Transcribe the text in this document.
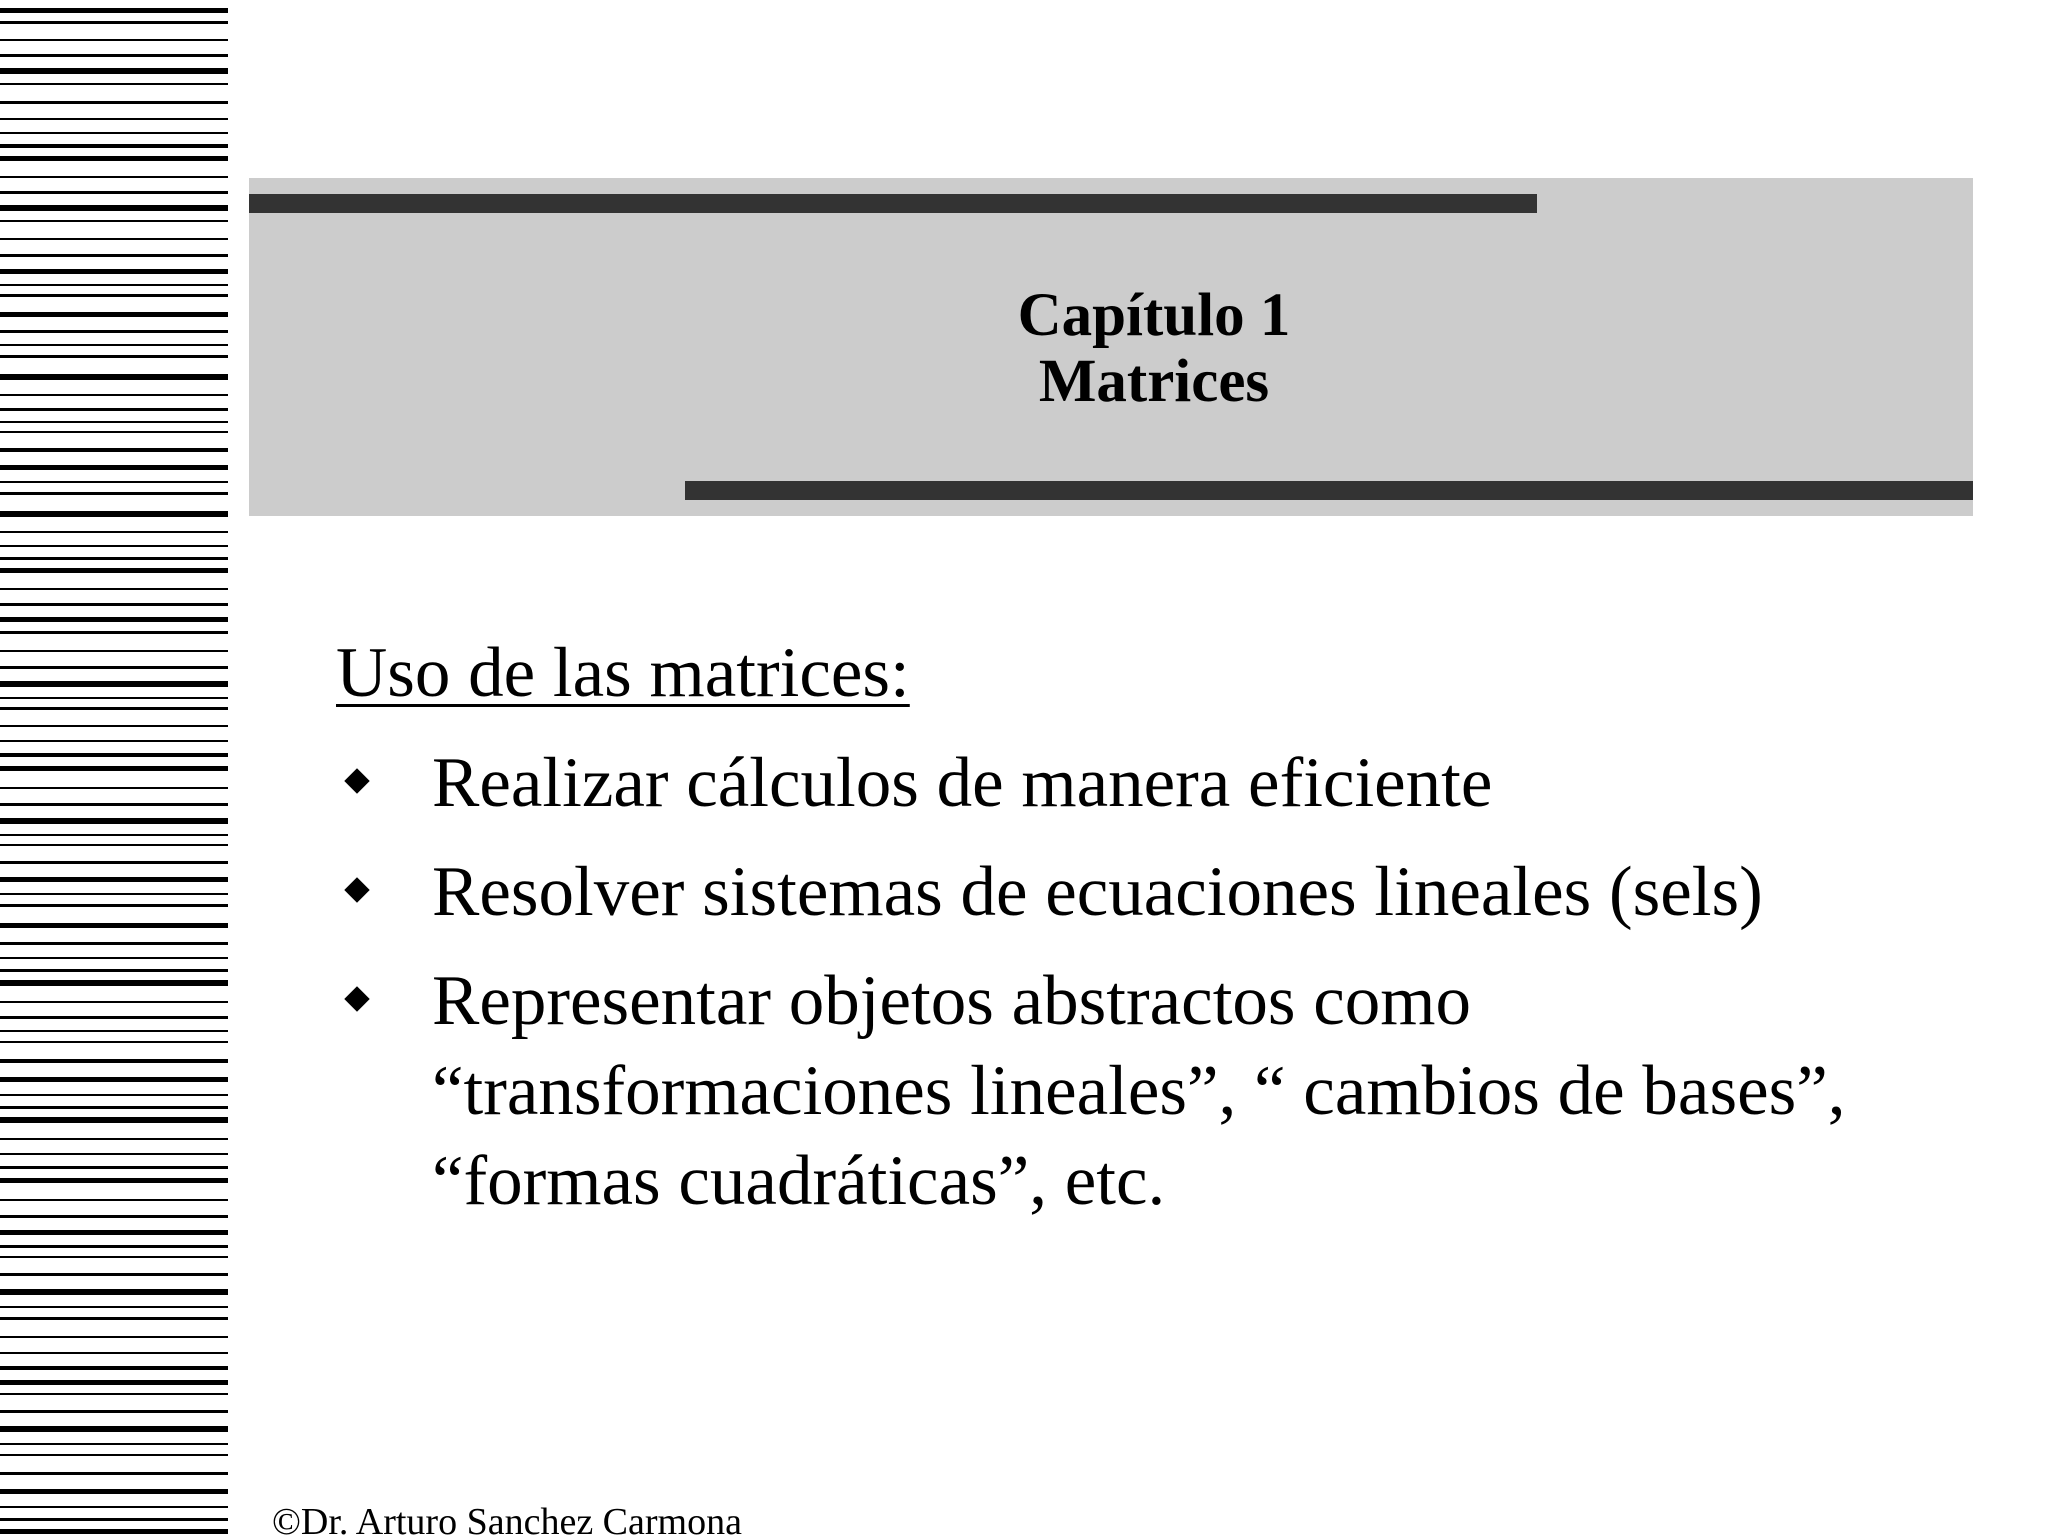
Capítulo 1
Matrices
Uso de las matrices:
Realizar cálculos de manera eficiente
Resolver sistemas de ecuaciones lineales (sels)
Representar objetos abstractos como “transformaciones lineales”, “ cambios de bases”, “formas cuadráticas”, etc.
©Dr. Arturo Sanchez Carmona
